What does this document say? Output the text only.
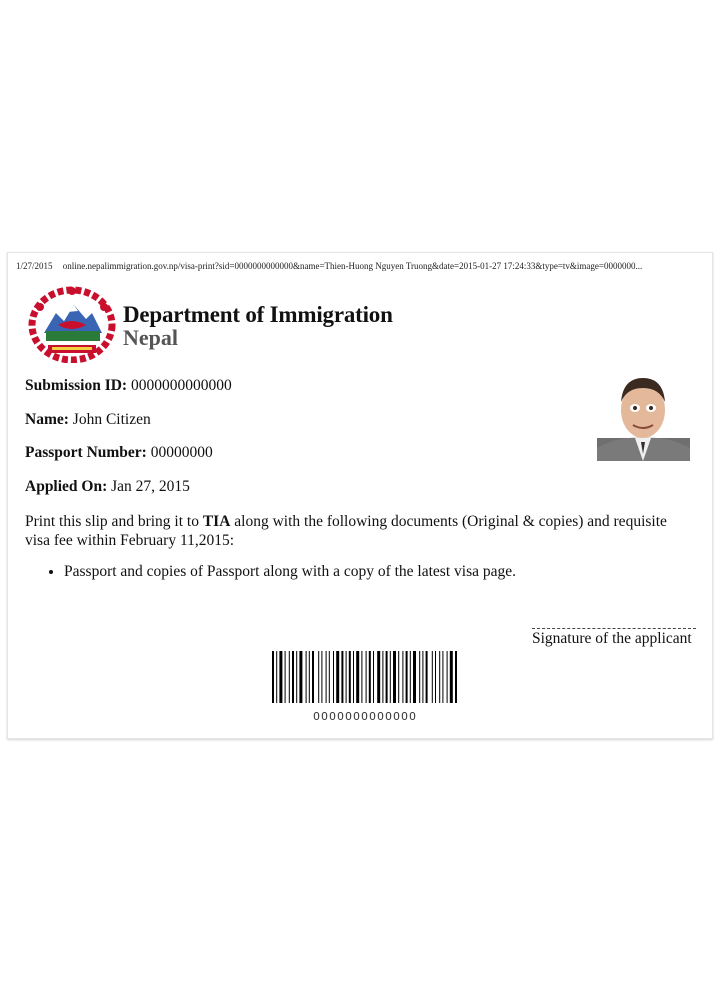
1/27/2015 online.nepalimmigration.gov.np/visa-print?sid=0000000000000&name=Thien-Huong Nguyen Truong&date=2015-01-27 17:24:33&type=tv&image=0000000...
Department of Immigration
Nepal
Submission ID: 0000000000000
Name: John Citizen
Passport Number: 00000000
Applied On: Jan 27, 2015
Print this slip and bring it to TIA along with the following documents (Original & copies) and requisite visa fee within February 11,2015:
• Passport and copies of Passport along with a copy of the latest visa page.
Signature of the applicant
0000000000000
